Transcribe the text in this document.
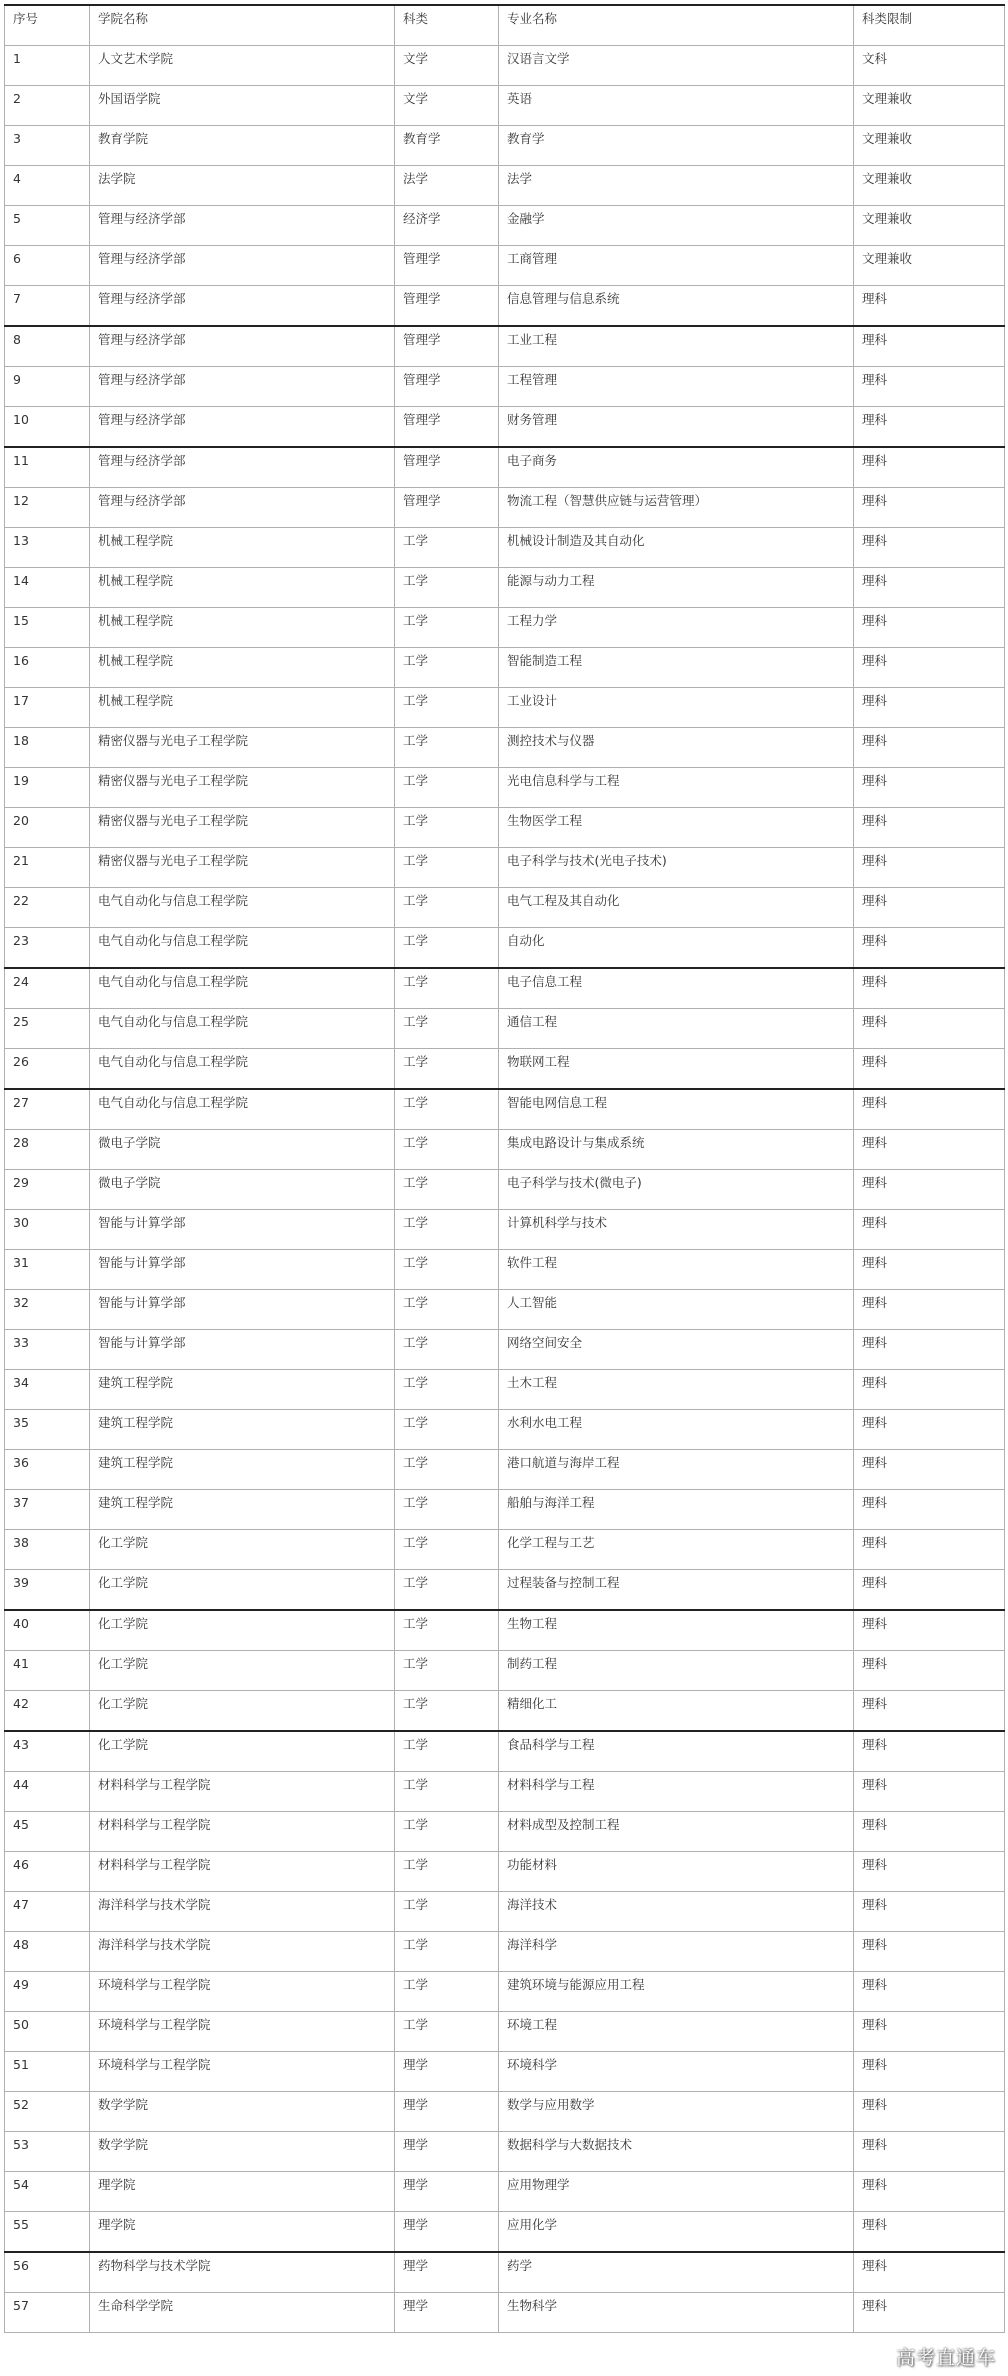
序号	学院名称	科类	专业名称	科类限制
1	人文艺术学院	文学	汉语言文学	文科
2	外国语学院	文学	英语	文理兼收
3	教育学院	教育学	教育学	文理兼收
4	法学院	法学	法学	文理兼收
5	管理与经济学部	经济学	金融学	文理兼收
6	管理与经济学部	管理学	工商管理	文理兼收
7	管理与经济学部	管理学	信息管理与信息系统	理科
8	管理与经济学部	管理学	工业工程	理科
9	管理与经济学部	管理学	工程管理	理科
10	管理与经济学部	管理学	财务管理	理科
11	管理与经济学部	管理学	电子商务	理科
12	管理与经济学部	管理学	物流工程（智慧供应链与运营管理）	理科
13	机械工程学院	工学	机械设计制造及其自动化	理科
14	机械工程学院	工学	能源与动力工程	理科
15	机械工程学院	工学	工程力学	理科
16	机械工程学院	工学	智能制造工程	理科
17	机械工程学院	工学	工业设计	理科
18	精密仪器与光电子工程学院	工学	测控技术与仪器	理科
19	精密仪器与光电子工程学院	工学	光电信息科学与工程	理科
20	精密仪器与光电子工程学院	工学	生物医学工程	理科
21	精密仪器与光电子工程学院	工学	电子科学与技术(光电子技术)	理科
22	电气自动化与信息工程学院	工学	电气工程及其自动化	理科
23	电气自动化与信息工程学院	工学	自动化	理科
24	电气自动化与信息工程学院	工学	电子信息工程	理科
25	电气自动化与信息工程学院	工学	通信工程	理科
26	电气自动化与信息工程学院	工学	物联网工程	理科
27	电气自动化与信息工程学院	工学	智能电网信息工程	理科
28	微电子学院	工学	集成电路设计与集成系统	理科
29	微电子学院	工学	电子科学与技术(微电子)	理科
30	智能与计算学部	工学	计算机科学与技术	理科
31	智能与计算学部	工学	软件工程	理科
32	智能与计算学部	工学	人工智能	理科
33	智能与计算学部	工学	网络空间安全	理科
34	建筑工程学院	工学	土木工程	理科
35	建筑工程学院	工学	水利水电工程	理科
36	建筑工程学院	工学	港口航道与海岸工程	理科
37	建筑工程学院	工学	船舶与海洋工程	理科
38	化工学院	工学	化学工程与工艺	理科
39	化工学院	工学	过程装备与控制工程	理科
40	化工学院	工学	生物工程	理科
41	化工学院	工学	制药工程	理科
42	化工学院	工学	精细化工	理科
43	化工学院	工学	食品科学与工程	理科
44	材料科学与工程学院	工学	材料科学与工程	理科
45	材料科学与工程学院	工学	材料成型及控制工程	理科
46	材料科学与工程学院	工学	功能材料	理科
47	海洋科学与技术学院	工学	海洋技术	理科
48	海洋科学与技术学院	工学	海洋科学	理科
49	环境科学与工程学院	工学	建筑环境与能源应用工程	理科
50	环境科学与工程学院	工学	环境工程	理科
51	环境科学与工程学院	理学	环境科学	理科
52	数学学院	理学	数学与应用数学	理科
53	数学学院	理学	数据科学与大数据技术	理科
54	理学院	理学	应用物理学	理科
55	理学院	理学	应用化学	理科
56	药物科学与技术学院	理学	药学	理科
57	生命科学学院	理学	生物科学	理科
高考直通车
